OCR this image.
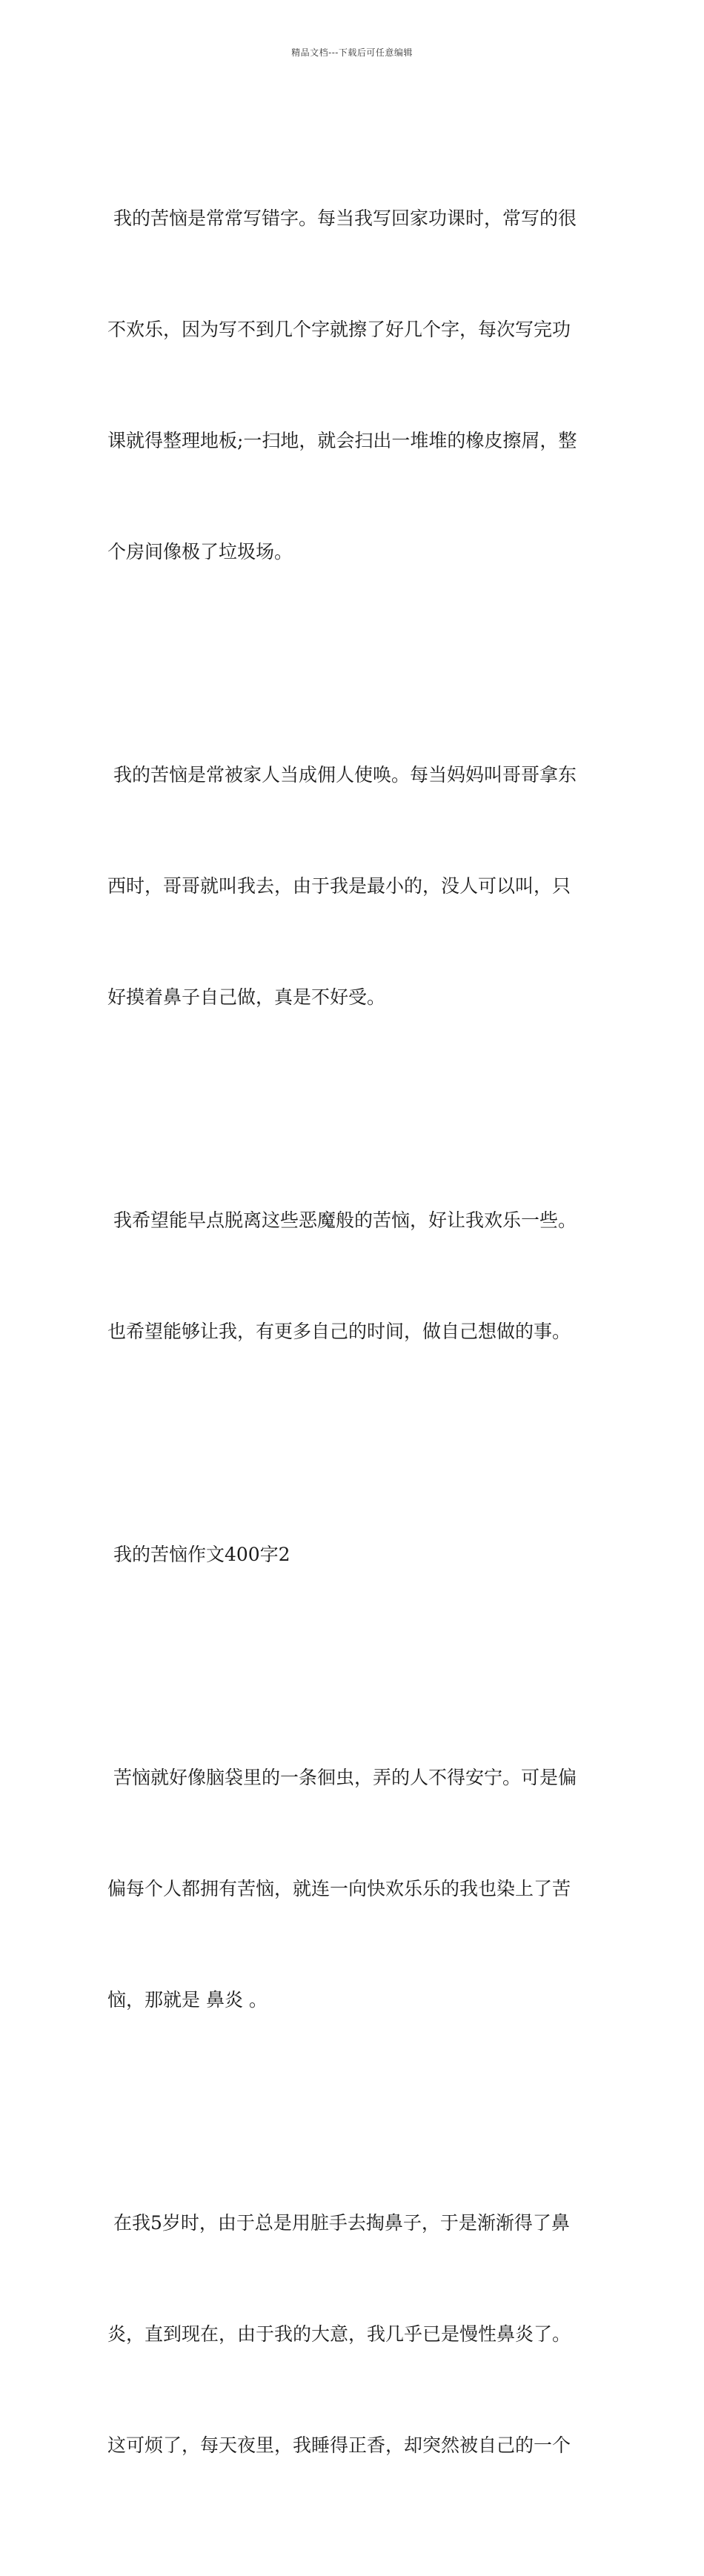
精品文档---下载后可任意编辑

我的苦恼是常常写错字。每当我写回家功课时，常写的很

不欢乐，因为写不到几个字就擦了好几个字，每次写完功

课就得整理地板;一扫地，就会扫出一堆堆的橡皮擦屑，整

个房间像极了垃圾场。

我的苦恼是常被家人当成佣人使唤。每当妈妈叫哥哥拿东

西时，哥哥就叫我去，由于我是最小的，没人可以叫，只

好摸着鼻子自己做，真是不好受。

我希望能早点脱离这些恶魔般的苦恼，好让我欢乐一些。

也希望能够让我，有更多自己的时间，做自己想做的事。

我的苦恼作文400字2

苦恼就好像脑袋里的一条徊虫，弄的人不得安宁。可是偏

偏每个人都拥有苦恼，就连一向快欢乐乐的我也染上了苦

恼，那就是 鼻炎 。

在我5岁时，由于总是用脏手去掏鼻子，于是渐渐得了鼻

炎，直到现在，由于我的大意，我几乎已是慢性鼻炎了。

这可烦了，每天夜里，我睡得正香，却突然被自己的一个
